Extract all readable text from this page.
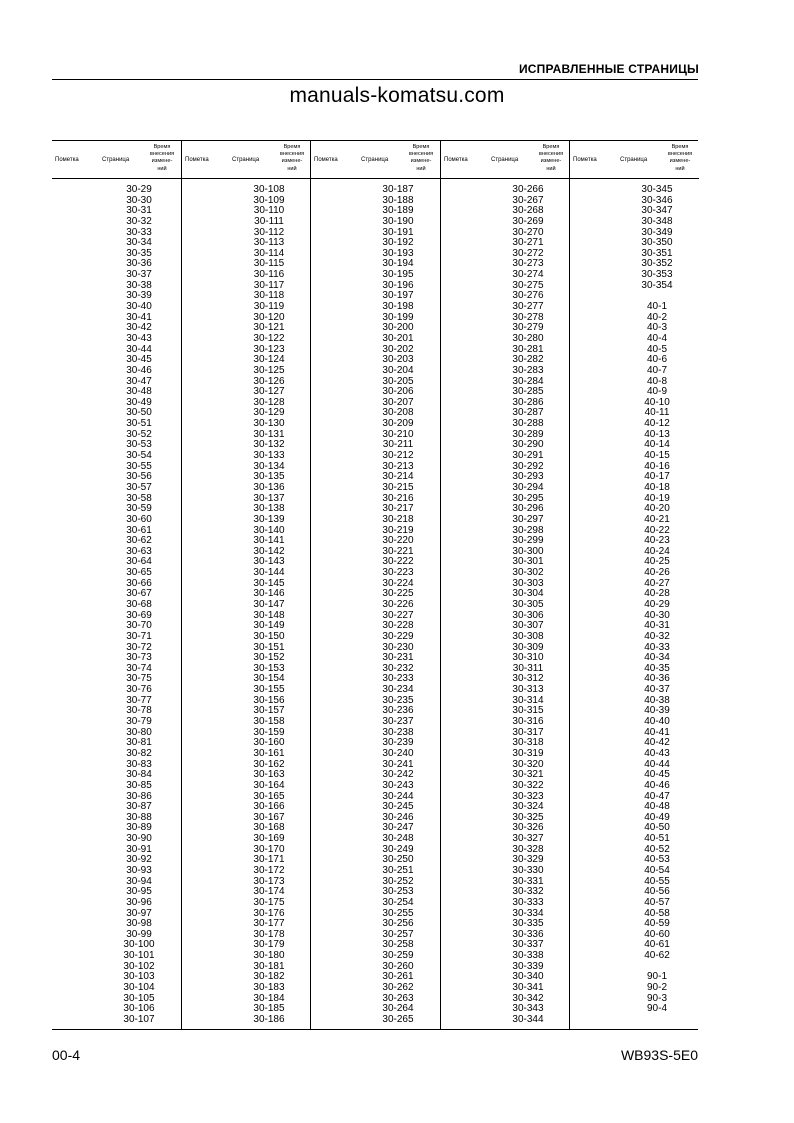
ИСПРАВЛЕННЫЕ СТРАНИЦЫ
manuals-komatsu.com
Пометка	Страница
Время
внесения
измене-
ний
30-29
30-30
30-31
30-32
30-33
30-34
30-35
30-36
30-37
30-38
30-39
30-40
30-41
30-42
30-43
30-44
30-45
30-46
30-47
30-48
30-49
30-50
30-51
30-52
30-53
30-54
30-55
30-56
30-57
30-58
30-59
30-60
30-61
30-62
30-63
30-64
30-65
30-66
30-67
30-68
30-69
30-70
30-71
30-72
30-73
30-74
30-75
30-76
30-77
30-78
30-79
30-80
30-81
30-82
30-83
30-84
30-85
30-86
30-87
30-88
30-89
30-90
30-91
30-92
30-93
30-94
30-95
30-96
30-97
30-98
30-99
30-100
30-101
30-102
30-103
30-104
30-105
30-106
30-107
Пометка	Страница
Время
внесения
измене-
ний
30-108
30-109
30-110
30-111
30-112
30-113
30-114
30-115
30-116
30-117
30-118
30-119
30-120
30-121
30-122
30-123
30-124
30-125
30-126
30-127
30-128
30-129
30-130
30-131
30-132
30-133
30-134
30-135
30-136
30-137
30-138
30-139
30-140
30-141
30-142
30-143
30-144
30-145
30-146
30-147
30-148
30-149
30-150
30-151
30-152
30-153
30-154
30-155
30-156
30-157
30-158
30-159
30-160
30-161
30-162
30-163
30-164
30-165
30-166
30-167
30-168
30-169
30-170
30-171
30-172
30-173
30-174
30-175
30-176
30-177
30-178
30-179
30-180
30-181
30-182
30-183
30-184
30-185
30-186
Пометка	Страница
Время
внесения
измене-
ний
30-187
30-188
30-189
30-190
30-191
30-192
30-193
30-194
30-195
30-196
30-197
30-198
30-199
30-200
30-201
30-202
30-203
30-204
30-205
30-206
30-207
30-208
30-209
30-210
30-211
30-212
30-213
30-214
30-215
30-216
30-217
30-218
30-219
30-220
30-221
30-222
30-223
30-224
30-225
30-226
30-227
30-228
30-229
30-230
30-231
30-232
30-233
30-234
30-235
30-236
30-237
30-238
30-239
30-240
30-241
30-242
30-243
30-244
30-245
30-246
30-247
30-248
30-249
30-250
30-251
30-252
30-253
30-254
30-255
30-256
30-257
30-258
30-259
30-260
30-261
30-262
30-263
30-264
30-265
Пометка	Страница
Время
внесения
измене-
ний
30-266
30-267
30-268
30-269
30-270
30-271
30-272
30-273
30-274
30-275
30-276
30-277
30-278
30-279
30-280
30-281
30-282
30-283
30-284
30-285
30-286
30-287
30-288
30-289
30-290
30-291
30-292
30-293
30-294
30-295
30-296
30-297
30-298
30-299
30-300
30-301
30-302
30-303
30-304
30-305
30-306
30-307
30-308
30-309
30-310
30-311
30-312
30-313
30-314
30-315
30-316
30-317
30-318
30-319
30-320
30-321
30-322
30-323
30-324
30-325
30-326
30-327
30-328
30-329
30-330
30-331
30-332
30-333
30-334
30-335
30-336
30-337
30-338
30-339
30-340
30-341
30-342
30-343
30-344
Пометка	Страница
Время
внесения
измене-
ний
30-345
30-346
30-347
30-348
30-349
30-350
30-351
30-352
30-353
30-354
40-1
40-2
40-3
40-4
40-5
40-6
40-7
40-8
40-9
40-10
40-11
40-12
40-13
40-14
40-15
40-16
40-17
40-18
40-19
40-20
40-21
40-22
40-23
40-24
40-25
40-26
40-27
40-28
40-29
40-30
40-31
40-32
40-33
40-34
40-35
40-36
40-37
40-38
40-39
40-40
40-41
40-42
40-43
40-44
40-45
40-46
40-47
40-48
40-49
40-50
40-51
40-52
40-53
40-54
40-55
40-56
40-57
40-58
40-59
40-60
40-61
40-62
90-1
90-2
90-3
90-4
00-4	WB93S-5E0
